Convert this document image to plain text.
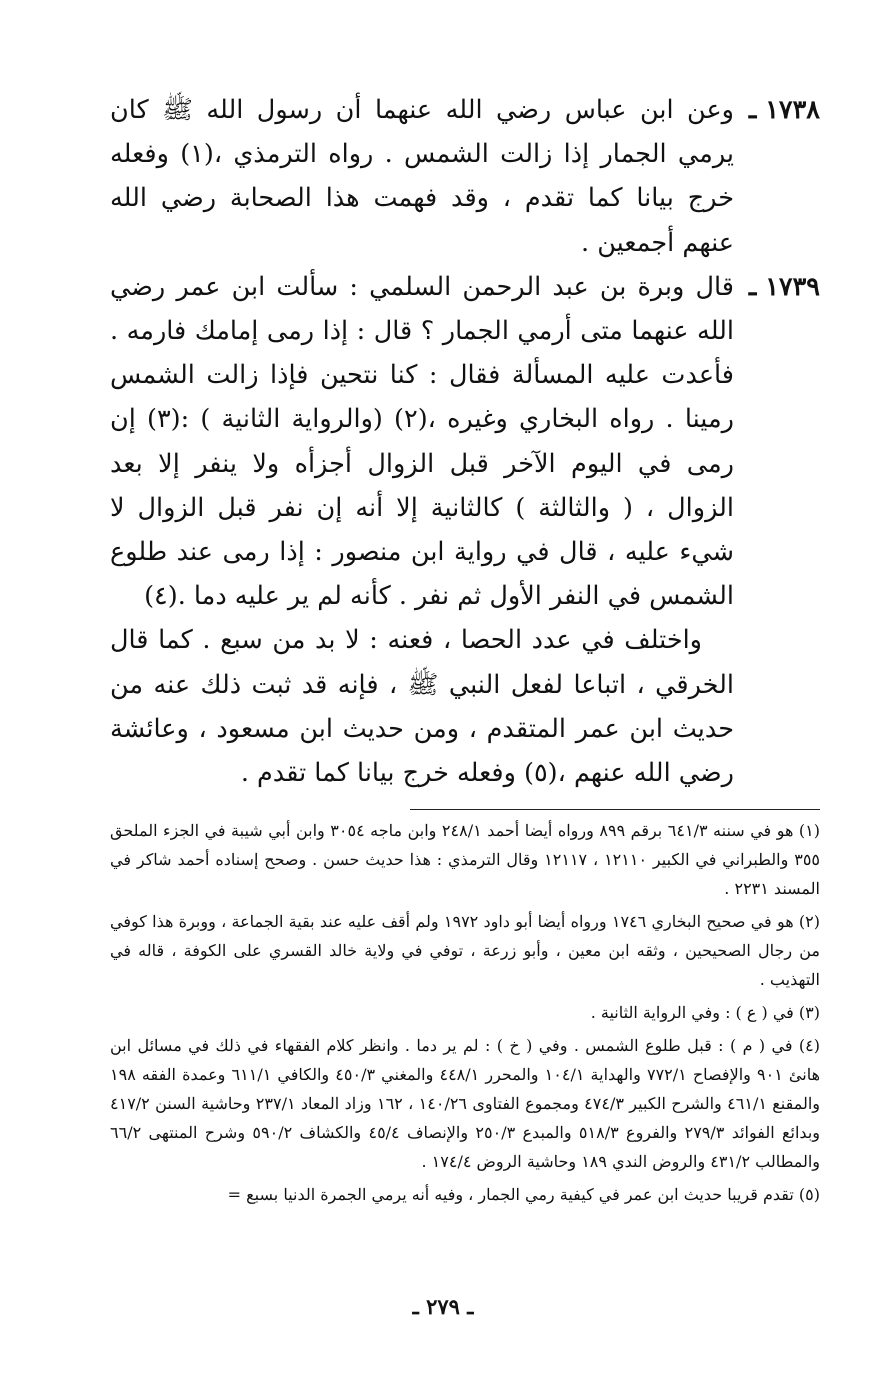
١٧٣٨ ـ
وعن ابن عباس رضي الله عنهما أن رسول الله ﷺ كان يرمي الجمار إذا زالت الشمس . رواه الترمذي ،(١) وفعله خرج بيانا كما تقدم ، وقد فهمت هذا الصحابة رضي الله عنهم أجمعين .
١٧٣٩ ـ
قال وبرة بن عبد الرحمن السلمي : سألت ابن عمر رضي الله عنهما متى أرمي الجمار ؟ قال : إذا رمى إمامك فارمه . فأعدت عليه المسألة فقال : كنا نتحين فإذا زالت الشمس رمينا . رواه البخاري وغيره ،(٢) (والرواية الثانية ) :(٣) إن رمى في اليوم الآخر قبل الزوال أجزأه ولا ينفر إلا بعد الزوال ، ( والثالثة ) كالثانية إلا أنه إن نفر قبل الزوال لا شيء عليه ، قال في رواية ابن منصور : إذا رمى عند طلوع الشمس في النفر الأول ثم نفر . كأنه لم ير عليه دما .(٤)
واختلف في عدد الحصا ، فعنه : لا بد من سبع . كما قال الخرقي ، اتباعا لفعل النبي ﷺ ، فإنه قد ثبت ذلك عنه من حديث ابن عمر المتقدم ، ومن حديث ابن مسعود ، وعائشة رضي الله عنهم ،(٥) وفعله خرج بيانا كما تقدم .

(١) هو في سننه ٦٤١/٣ برقم ٨٩٩ ورواه أيضا أحمد ٢٤٨/١ وابن ماجه ٣٠٥٤ وابن أبي شيبة في الجزء الملحق ٣٥٥ والطبراني في الكبير ١٢١١٠ ، ١٢١١٧ وقال الترمذي : هذا حديث حسن . وصحح إسناده أحمد شاكر في المسند ٢٢٣١ .

(٢) هو في صحيح البخاري ١٧٤٦ ورواه أيضا أبو داود ١٩٧٢ ولم أقف عليه عند بقية الجماعة ، ووبرة هذا كوفي من رجال الصحيحين ، وثقه ابن معين ، وأبو زرعة ، توفي في ولاية خالد القسري على الكوفة ، قاله في التهذيب .

(٣) في ( ع ) : وفي الرواية الثانية .

(٤) في ( م ) : قبل طلوع الشمس . وفي ( خ ) : لم ير دما . وانظر كلام الفقهاء في ذلك في مسائل ابن هانئ ٩٠١ والإفصاح ٧٧٢/١ والهداية ١٠٤/١ والمحرر ٤٤٨/١ والمغني ٤٥٠/٣ والكافي ٦١١/١ وعمدة الفقه ١٩٨ والمقنع ٤٦١/١ والشرح الكبير ٤٧٤/٣ ومجموع الفتاوى ١٤٠/٢٦ ، ١٦٢ وزاد المعاد ٢٣٧/١ وحاشية السنن ٤١٧/٢ وبدائع الفوائد ٢٧٩/٣ والفروع ٥١٨/٣ والمبدع ٢٥٠/٣ والإنصاف ٤٥/٤ والكشاف ٥٩٠/٢ وشرح المنتهى ٦٦/٢ والمطالب ٤٣١/٢ والروض الندي ١٨٩ وحاشية الروض ١٧٤/٤ .

(٥) تقدم قريبا حديث ابن عمر في كيفية رمي الجمار ، وفيه أنه يرمي الجمرة الدنيا بسبع =

ـ ٢٧٩ ـ
